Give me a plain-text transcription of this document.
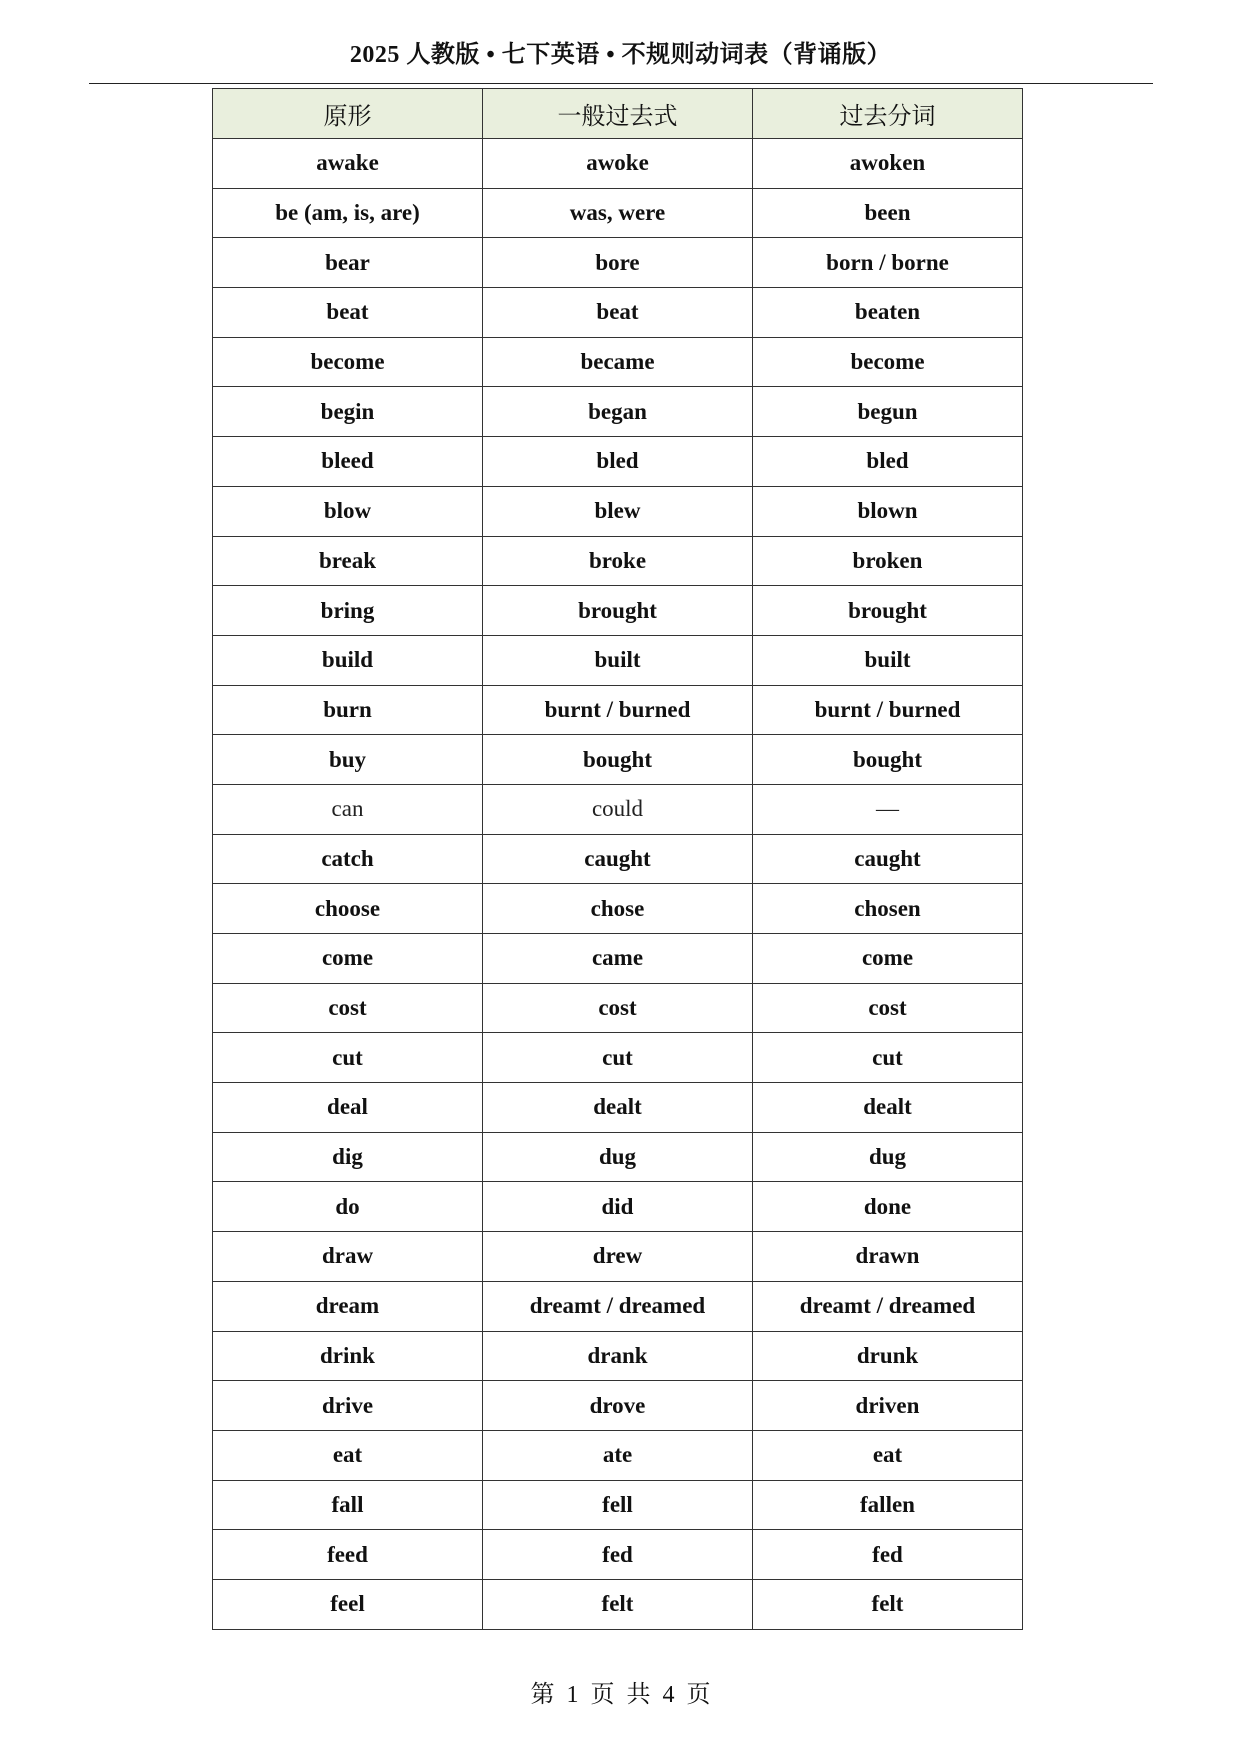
2025 人教版 • 七下英语 • 不规则动词表（背诵版）
原形	一般过去式	过去分词
awake	awoke	awoken
be (am, is, are)	was, were	been
bear	bore	born / borne
beat	beat	beaten
become	became	become
begin	began	begun
bleed	bled	bled
blow	blew	blown
break	broke	broken
bring	brought	brought
build	built	built
burn	burnt / burned	burnt / burned
buy	bought	bought
can	could	—
catch	caught	caught
choose	chose	chosen
come	came	come
cost	cost	cost
cut	cut	cut
deal	dealt	dealt
dig	dug	dug
do	did	done
draw	drew	drawn
dream	dreamt / dreamed	dreamt / dreamed
drink	drank	drunk
drive	drove	driven
eat	ate	eat
fall	fell	fallen
feed	fed	fed
feel	felt	felt
第 1 页 共 4 页
